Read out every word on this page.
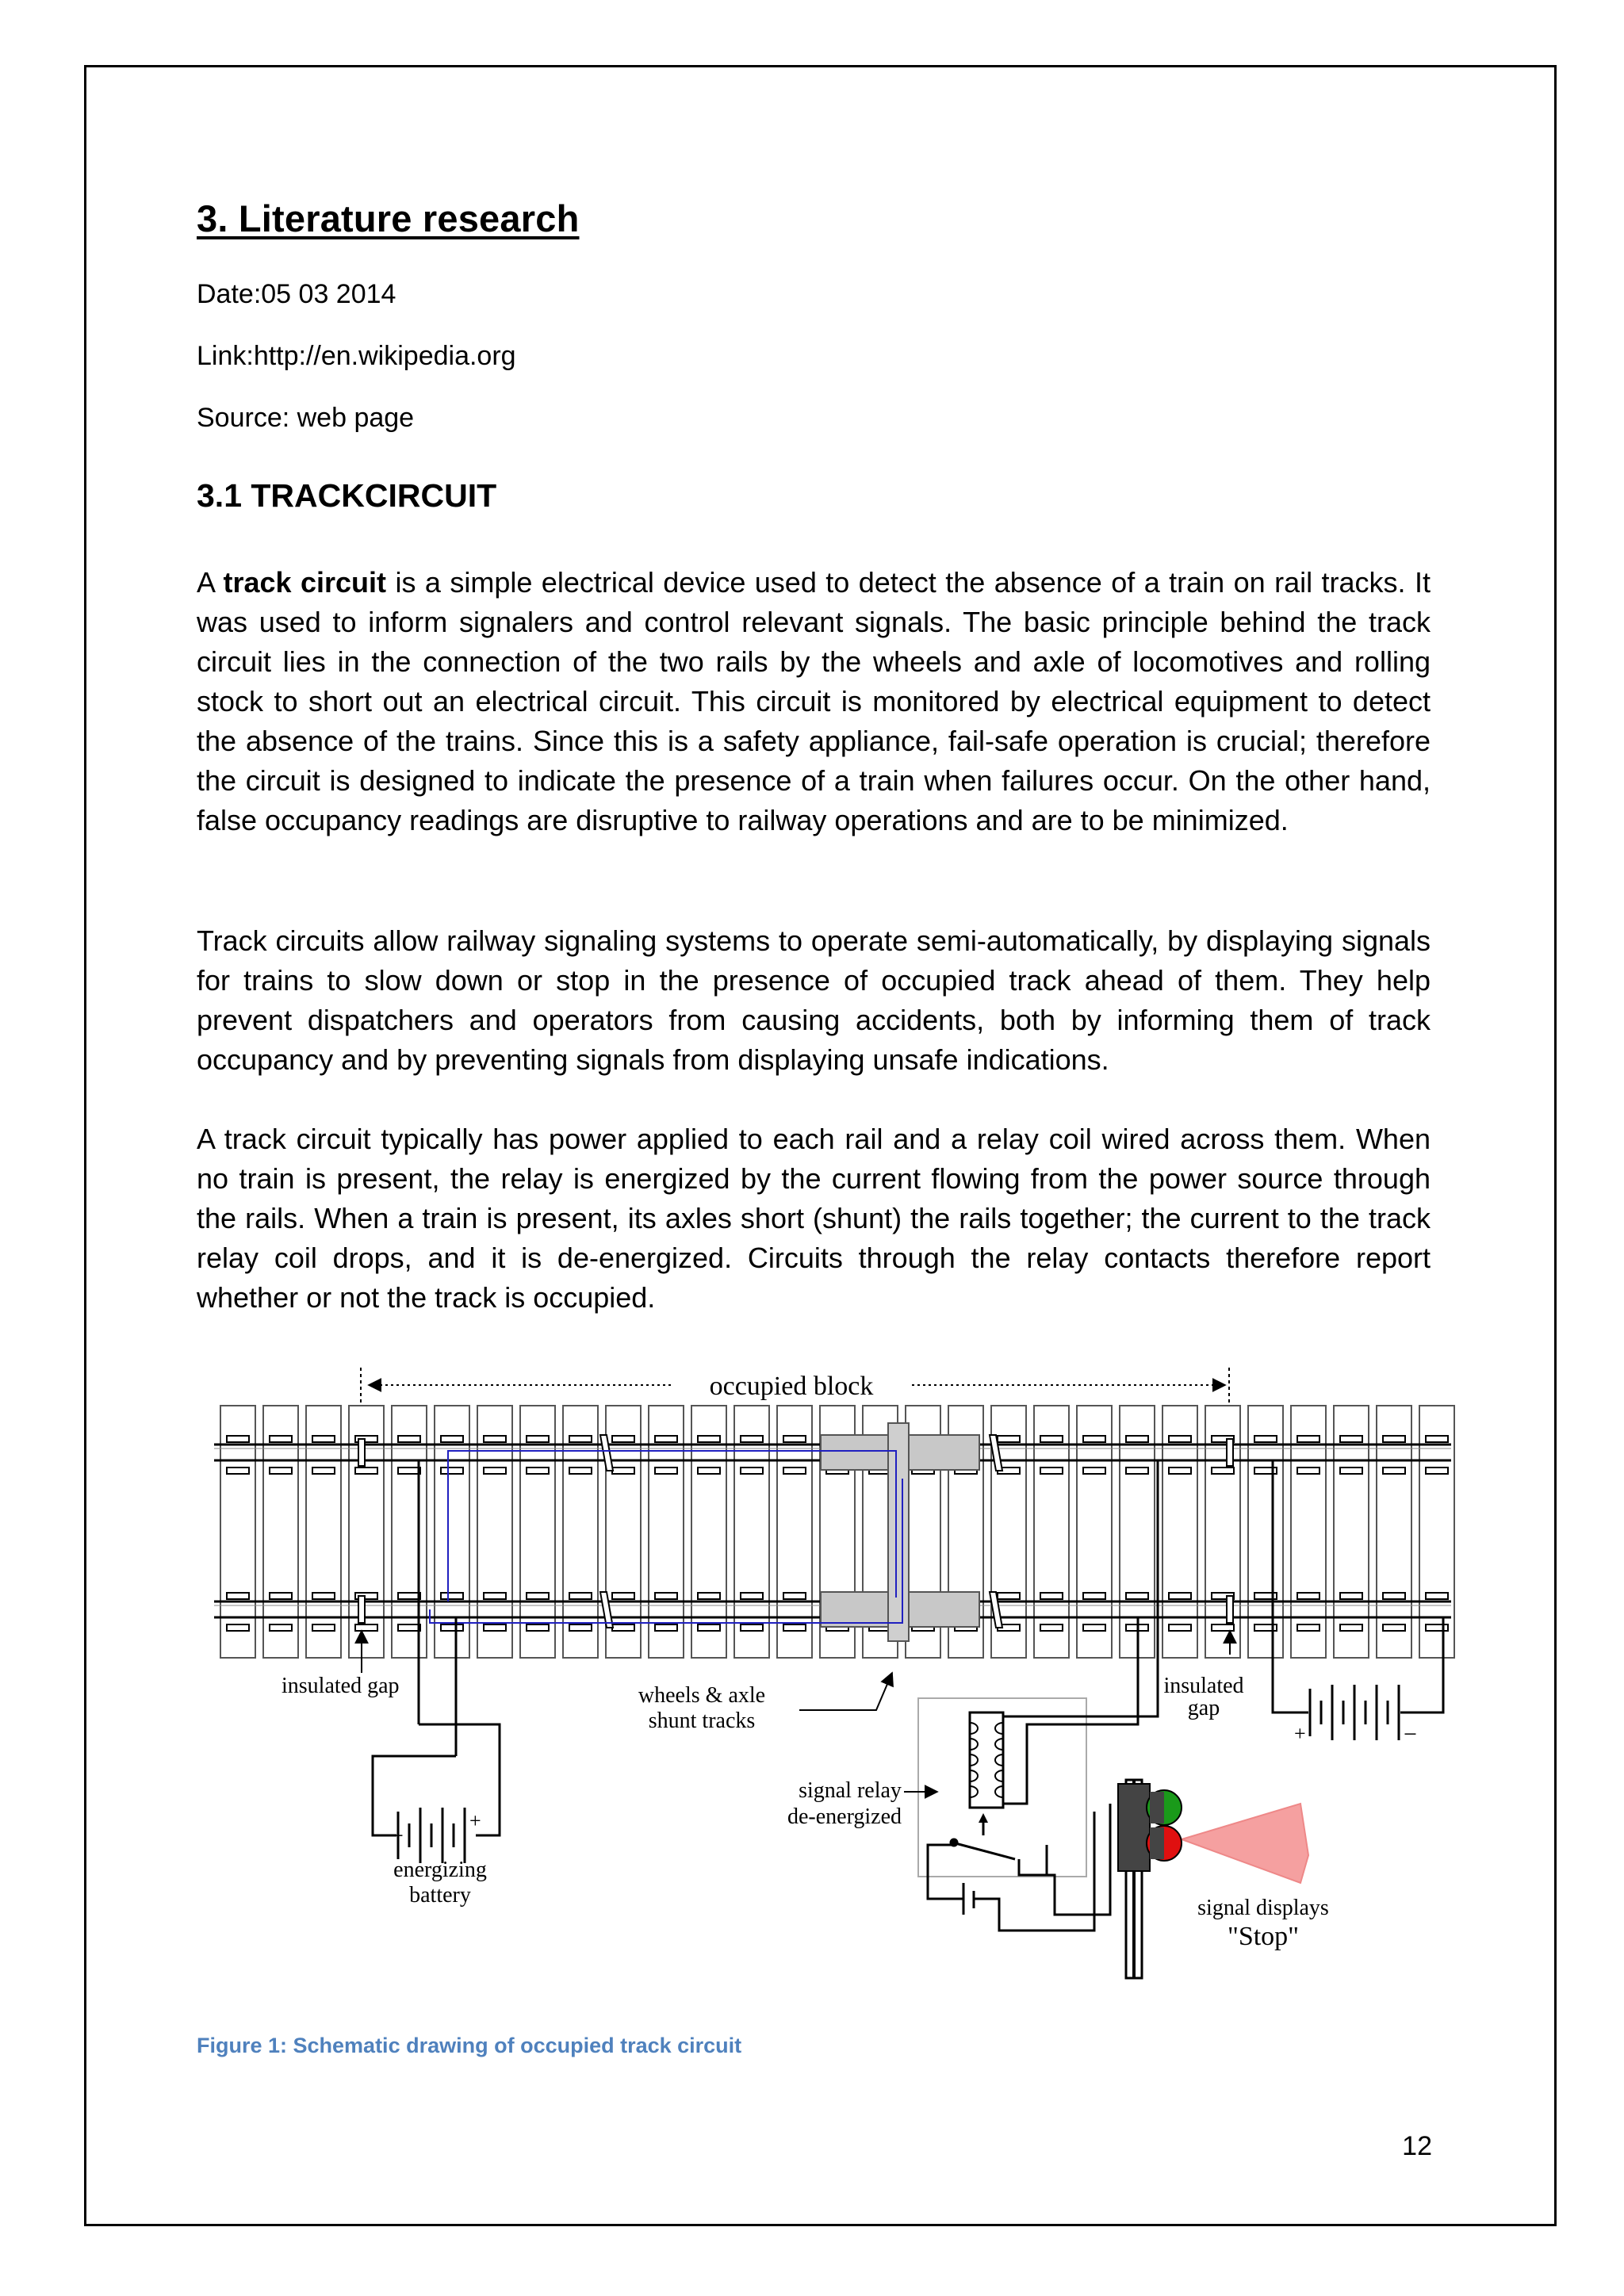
3. Literature research

Date:05 03 2014

Link:http://en.wikipedia.org

Source: web page

3.1 TRACKCIRCUIT

A track circuit is a simple electrical device used to detect the absence of a train on rail tracks. It was used to inform signalers and control relevant signals. The basic principle behind the track circuit lies in the connection of the two rails by the wheels and axle of locomotives and rolling stock to short out an electrical circuit. This circuit is monitored by electrical equipment to detect the absence of the trains. Since this is a safety appliance, fail-safe operation is crucial; therefore the circuit is designed to indicate the presence of a train when failures occur. On the other hand, false occupancy readings are disruptive to railway operations and are to be minimized.

Track circuits allow railway signaling systems to operate semi-automatically, by displaying signals for trains to slow down or stop in the presence of occupied track ahead of them. They help prevent dispatchers and operators from causing accidents, both by informing them of track occupancy and by preventing signals from displaying unsafe indications.

A track circuit typically has power applied to each rail and a relay coil wired across them. When no train is present, the relay is energized by the current flowing from the power source through the rails. When a train is present, its axles short (shunt) the rails together; the current to the track relay coil drops, and it is de-energized. Circuits through the relay contacts therefore report whether or not the track is occupied.

occupied block
−
+
energizing
battery
insulated gap	insulated
gap
wheels & axle
shunt tracks
+	−
signal relay
de-energized
signal displays
"Stop"

Figure 1: Schematic drawing of occupied track circuit

12
